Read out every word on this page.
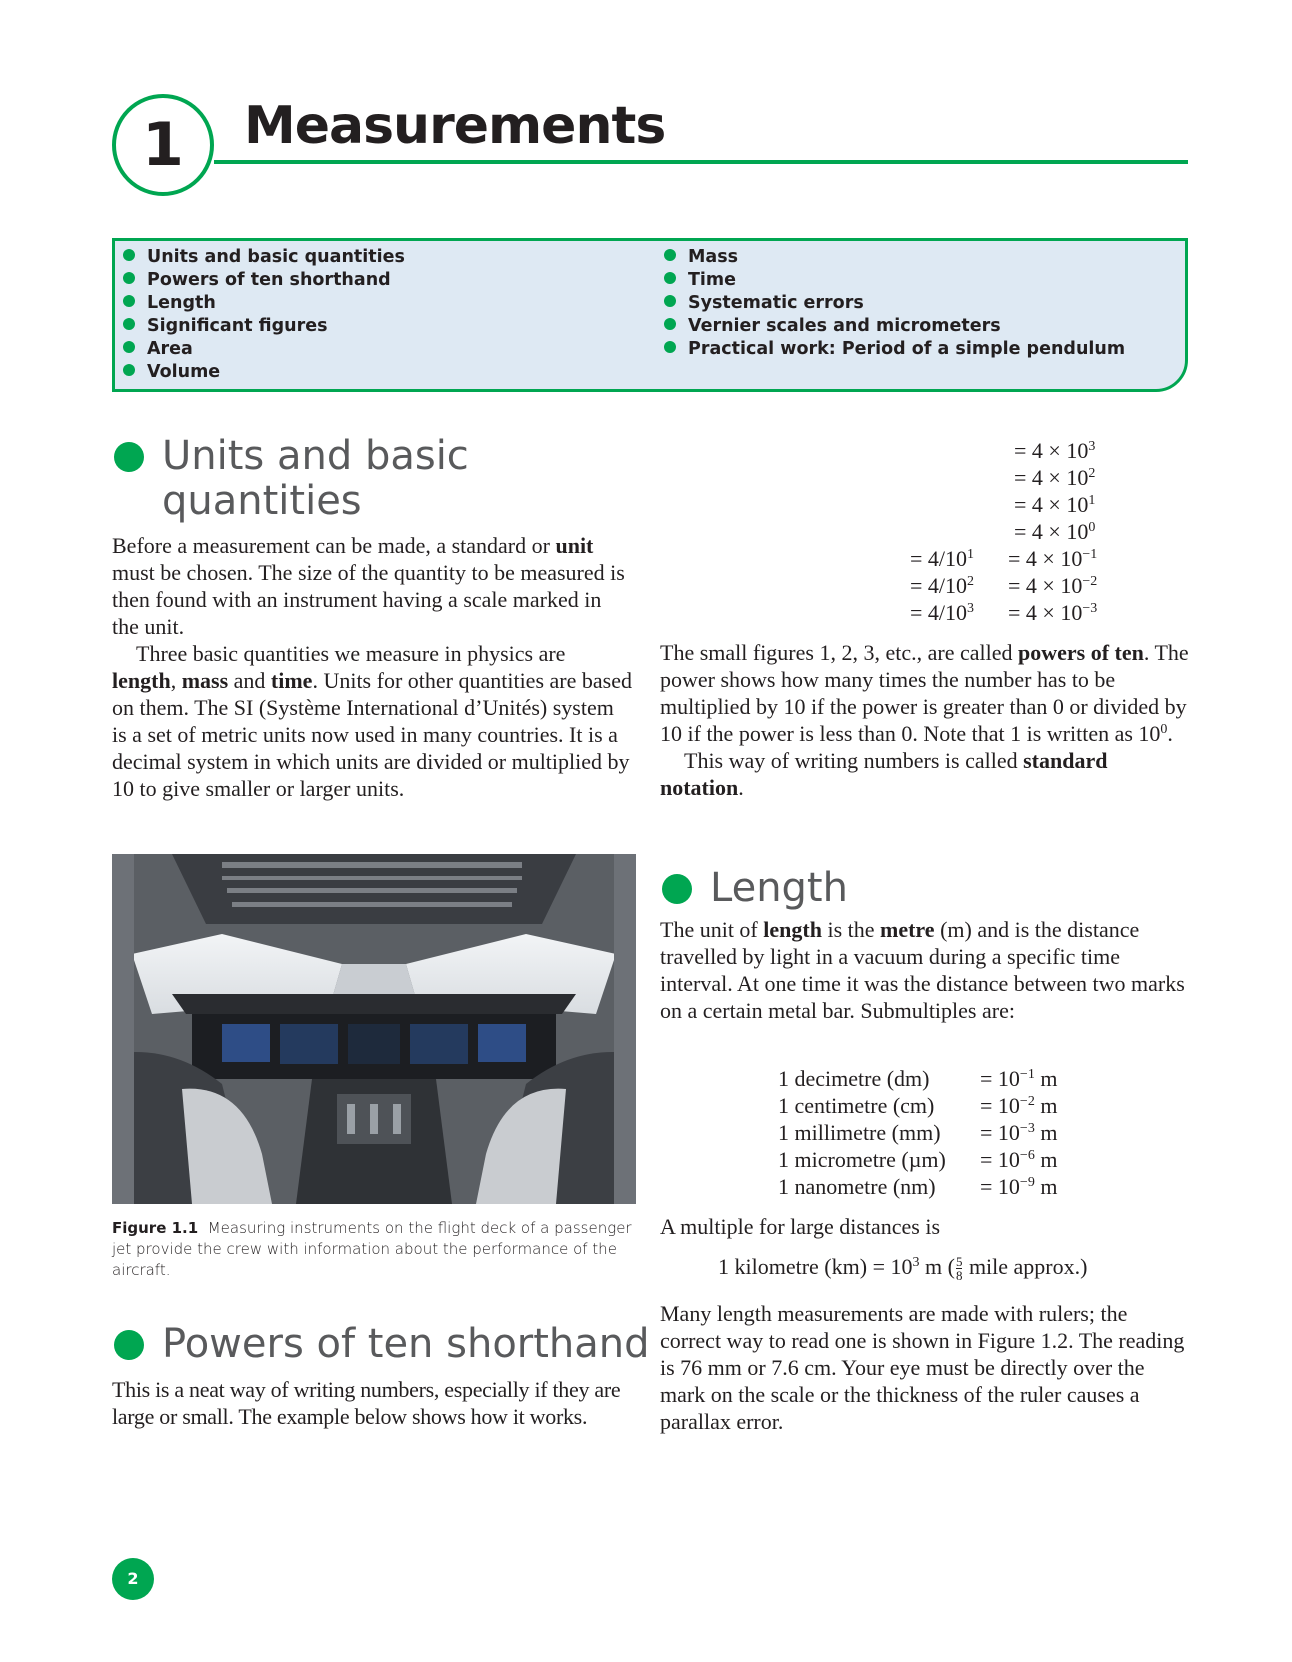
1	Measurements
Units and basic quantities
Powers of ten shorthand
Length
Significant figures
Area
Volume
Mass
Time
Systematic errors
Vernier scales and micrometers
Practical work: Period of a simple pendulum
Units and basic
quantities

Before a measurement can be made, a standard or unit must be chosen. The size of the quantity to be measured is then found with an instrument having a scale marked in the unit.

Three basic quantities we measure in physics are length, mass and time. Units for other quantities are based on them. The SI (Système International d’Unités) system is a set of metric units now used in many countries. It is a decimal system in which units are divided or multiplied by 10 to give smaller or larger units.

Figure 1.1 Measuring instruments on the flight deck of a passenger jet provide the crew with information about the performance of the aircraft.
Powers of ten shorthand
This is a neat way of writing numbers, especially if they are large or small. The example below shows how it works.
= $4 \times 10^3$
= $4 \times 10^2$
= $4 \times 10^1$
= $4 \times 10^0$
= $4/10^1 = 4 \times 10^{-1}$
= $4/10^2 = 4 \times 10^{-2}$
= $4/10^3 = 4 \times 10^{-3}$

The small figures 1, 2, 3, etc., are called powers of ten. The power shows how many times the number has to be multiplied by 10 if the power is greater than 0 or divided by 10 if the power is less than 0. Note that 1 is written as $10^0$.

This way of writing numbers is called standard notation.

Length

The unit of length is the metre (m) and is the distance travelled by light in a vacuum during a specific time interval. At one time it was the distance between two marks on a certain metal bar. Submultiples are:

1 decimetre $(dm) = 10^{-1}$ m
1 centimetre $(cm) = 10^{-2}$ m
1 millimetre $(mm) = 10^{-3}$ m
1 micrometre $(\mu m) = 10^{-6}$ m
1 nanometre $(nm) = 10^{-9}$ m
A multiple for large distances is
1 kilometre $(km) = 10^3$ m ( $\frac{5}{8}$ mile approx.)
Many length measurements are made with rulers; the correct way to read one is shown in Figure 1.2. The reading is 76 mm or 7.6 cm. Your eye must be directly over the mark on the scale or the thickness of the ruler causes a parallax error.
2
